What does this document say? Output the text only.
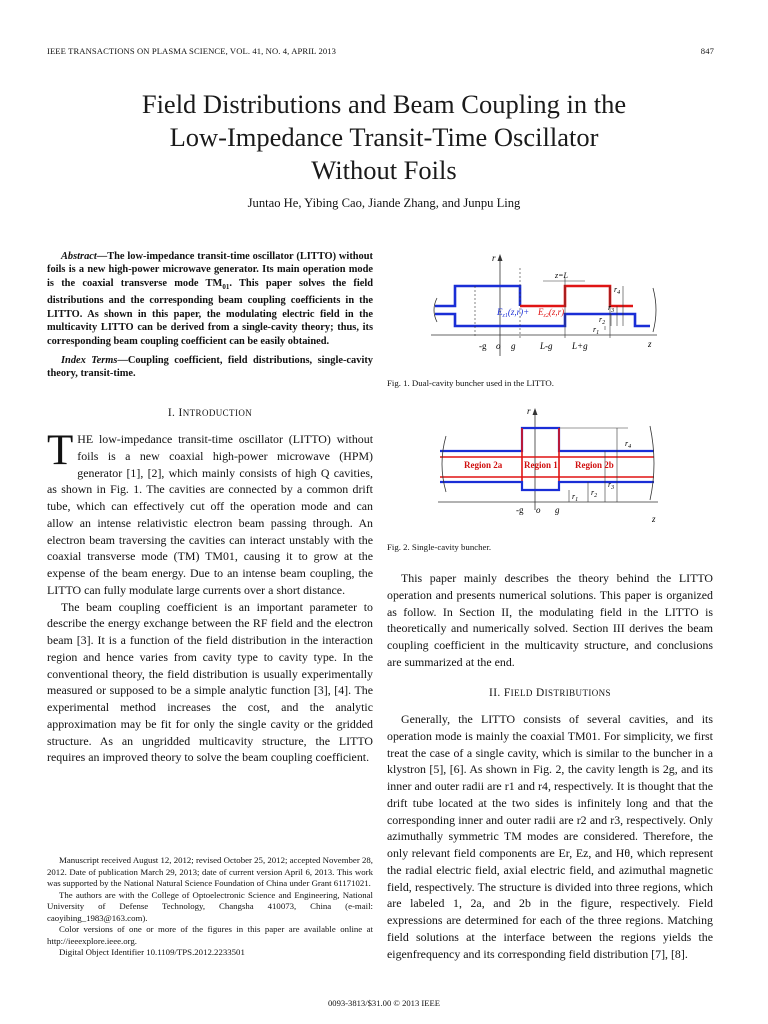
IEEE TRANSACTIONS ON PLASMA SCIENCE, VOL. 41, NO. 4, APRIL 2013	847
Field Distributions and Beam Coupling in the
Low-Impedance Transit-Time Oscillator
Without Foils
Juntao He, Yibing Cao, Jiande Zhang, and Junpu Ling

Abstract—The low-impedance transit-time oscillator (LITTO) without foils is a new high-power microwave generator. Its main operation mode is the coaxial transverse mode $TM_{01}$. This paper solves the field distributions and the corresponding beam coupling coefficients in the LITTO. As shown in this paper, the modulating electric field in the multicavity LITTO can be derived from a single-cavity theory; thus, its corresponding beam coupling coefficient can be easily obtained.

Index Terms—Coupling coefficient, field distributions, single-cavity theory, transit-time.

I. INTRODUCTION

THE low-impedance transit-time oscillator (LITTO) without foils is a new coaxial high-power microwave (HPM) generator [1], [2], which mainly consists of high Q cavities, as shown in Fig. 1. The cavities are connected by a common drift tube, which can effectively cut off the operation mode and can allow an intense relativistic electron beam passing through. An electron beam traversing the cavities can interact unstably with the coaxial transverse mode (TM) TM01, causing it to grow at the expense of the beam energy. Due to an intense beam coupling, the LITTO can fully modulate large currents over a short distance.

The beam coupling coefficient is an important parameter to describe the energy exchange between the RF field and the electron beam [3]. It is a function of the field distribution in the interaction region and hence varies from cavity type to cavity type. In the conventional theory, the field distribution is usually experimentally measured or supposed to be a simple analytic function [3], [4]. The experimental method increases the cost, and the analytic approximation may be fit for only the single cavity or the gridded structure. As an ungridded multicavity structure, the LITTO requires an improved theory to solve the beam coupling coefficient.

Manuscript received August 12, 2012; revised October 25, 2012; accepted November 28, 2012. Date of publication March 29, 2013; date of current version April 6, 2013. This work was supported by the National Natural Science Foundation of China under Grant 61171021.

The authors are with the College of Optoelectronic Science and Engineering, National University of Defense Technology, Changsha 410073, China (e-mail: caoyibing_1983@163.com).

Color versions of one or more of the figures in this paper are available online at http://ieeexplore.ieee.org.

Digital Object Identifier 10.1109/TPS.2012.2233501

r
z
z=L
$r_4$
$r_3$
$r_2$
$r_1$
$E_{z1}(z,r)+ E_{z2}(z,r)$
-g o g	L-g L+g
Fig. 1. Dual-cavity buncher used in the LITTO.
r
z
Region 2a Region 1 Region 2b
$r_4$
$r_3$
$r_2$
$r_1$
-g o g
Fig. 2. Single-cavity buncher.

This paper mainly describes the theory behind the LITTO operation and presents numerical solutions. This paper is organized as follow. In Section II, the modulating field in the LITTO is theoretically and numerically solved. Section III derives the beam coupling coefficient in the multicavity structure, and conclusions are summarized at the end.

II. FIELD DISTRIBUTIONS

Generally, the LITTO consists of several cavities, and its operation mode is mainly the coaxial TM01. For simplicity, we first treat the case of a single cavity, which is similar to the buncher in a klystron [5], [6]. As shown in Fig. 2, the cavity length is 2g, and its inner and outer radii are r1 and r4, respectively. It is thought that the drift tube located at the two sides is infinitely long and that the corresponding inner and outer radii are r2 and r3, respectively. Only azimuthally symmetric TM modes are considered. Therefore, the only relevant field components are Er, Ez, and Hθ, which represent the radial electric field, axial electric field, and azimuthal magnetic field, respectively. The structure is divided into three regions, which are labeled 1, 2a, and 2b in the figure, respectively. Field expressions are determined for each of the three regions. Matching field solutions at the interface between the regions yields the eigenfrequency and its corresponding field distribution [7], [8].

0093-3813/$31.00 © 2013 IEEE
